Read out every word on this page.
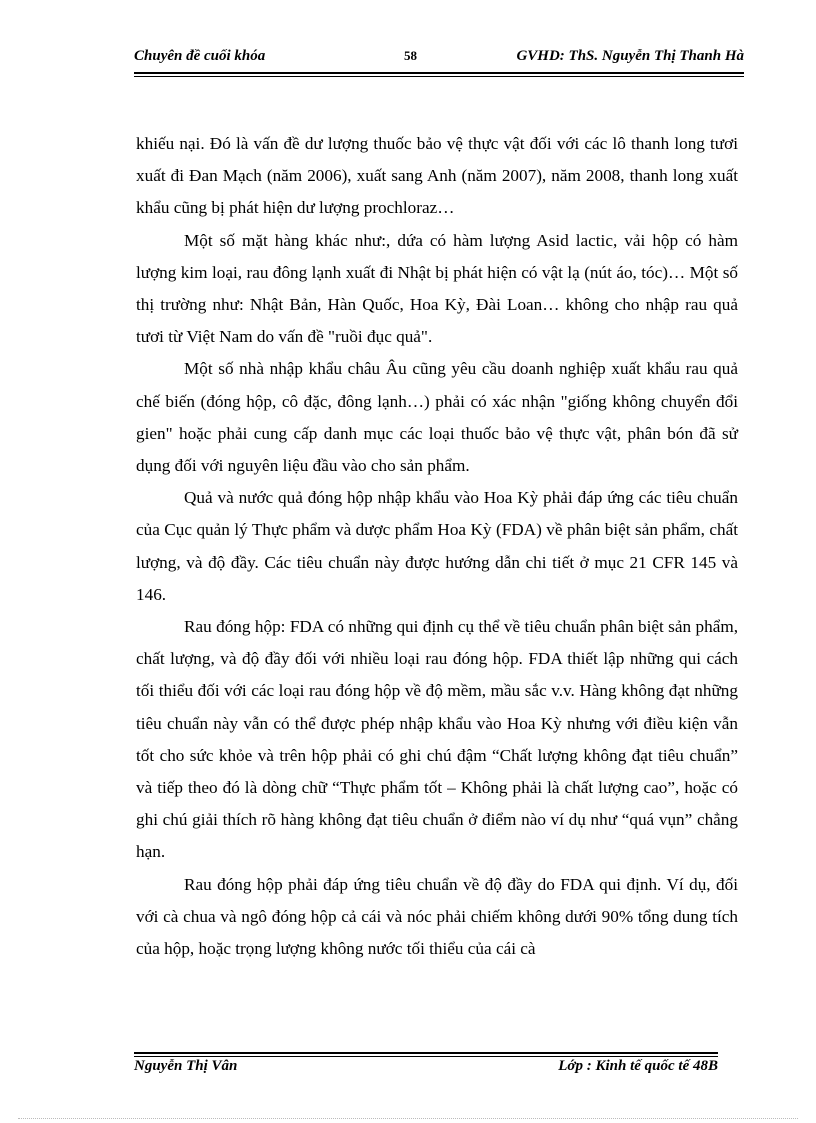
Chuyên đề cuối khóa	58	GVHD: ThS. Nguyễn Thị Thanh Hà

khiếu nại. Đó là vấn đề dư lượng thuốc bảo vệ thực vật đối với các lô thanh long tươi xuất đi Đan Mạch (năm 2006), xuất sang Anh (năm 2007), năm 2008, thanh long xuất khẩu cũng bị phát hiện dư lượng prochloraz…

Một số mặt hàng khác như:, dứa có hàm lượng Asid lactic, vải hộp có hàm lượng kim loại, rau đông lạnh xuất đi Nhật bị phát hiện có vật lạ (nút áo, tóc)… Một số thị trường như: Nhật Bản, Hàn Quốc, Hoa Kỳ, Đài Loan… không cho nhập rau quả tươi từ Việt Nam do vấn đề "ruồi đục quả".

Một số nhà nhập khẩu châu Âu cũng yêu cầu doanh nghiệp xuất khẩu rau quả chế biến (đóng hộp, cô đặc, đông lạnh…) phải có xác nhận "giống không chuyển đổi gien" hoặc phải cung cấp danh mục các loại thuốc bảo vệ thực vật, phân bón đã sử dụng đối với nguyên liệu đầu vào cho sản phẩm.

Quả và nước quả đóng hộp nhập khẩu vào Hoa Kỳ phải đáp ứng các tiêu chuẩn của Cục quản lý Thực phẩm và dược phẩm Hoa Kỳ (FDA) về phân biệt sản phẩm, chất lượng, và độ đầy. Các tiêu chuẩn này được hướng dẫn chi tiết ở mục 21 CFR 145 và 146.

Rau đóng hộp: FDA có những qui định cụ thể về tiêu chuẩn phân biệt sản phẩm, chất lượng, và độ đầy đối với nhiều loại rau đóng hộp. FDA thiết lập những qui cách tối thiểu đối với các loại rau đóng hộp về độ mềm, mầu sắc v.v. Hàng không đạt những tiêu chuẩn này vẫn có thể được phép nhập khẩu vào Hoa Kỳ nhưng với điều kiện vẫn tốt cho sức khỏe và trên hộp phải có ghi chú đậm “Chất lượng không đạt tiêu chuẩn” và tiếp theo đó là dòng chữ “Thực phẩm tốt – Không phải là chất lượng cao”, hoặc có ghi chú giải thích rõ hàng không đạt tiêu chuẩn ở điểm nào ví dụ như “quá vụn” chẳng hạn.

Rau đóng hộp phải đáp ứng tiêu chuẩn về độ đầy do FDA qui định. Ví dụ, đối với cà chua và ngô đóng hộp cả cái và nóc phải chiếm không dưới 90% tổng dung tích của hộp, hoặc trọng lượng không nước tối thiểu của cái cà

Nguyễn Thị Vân	Lớp : Kinh tế quốc tế 48B
